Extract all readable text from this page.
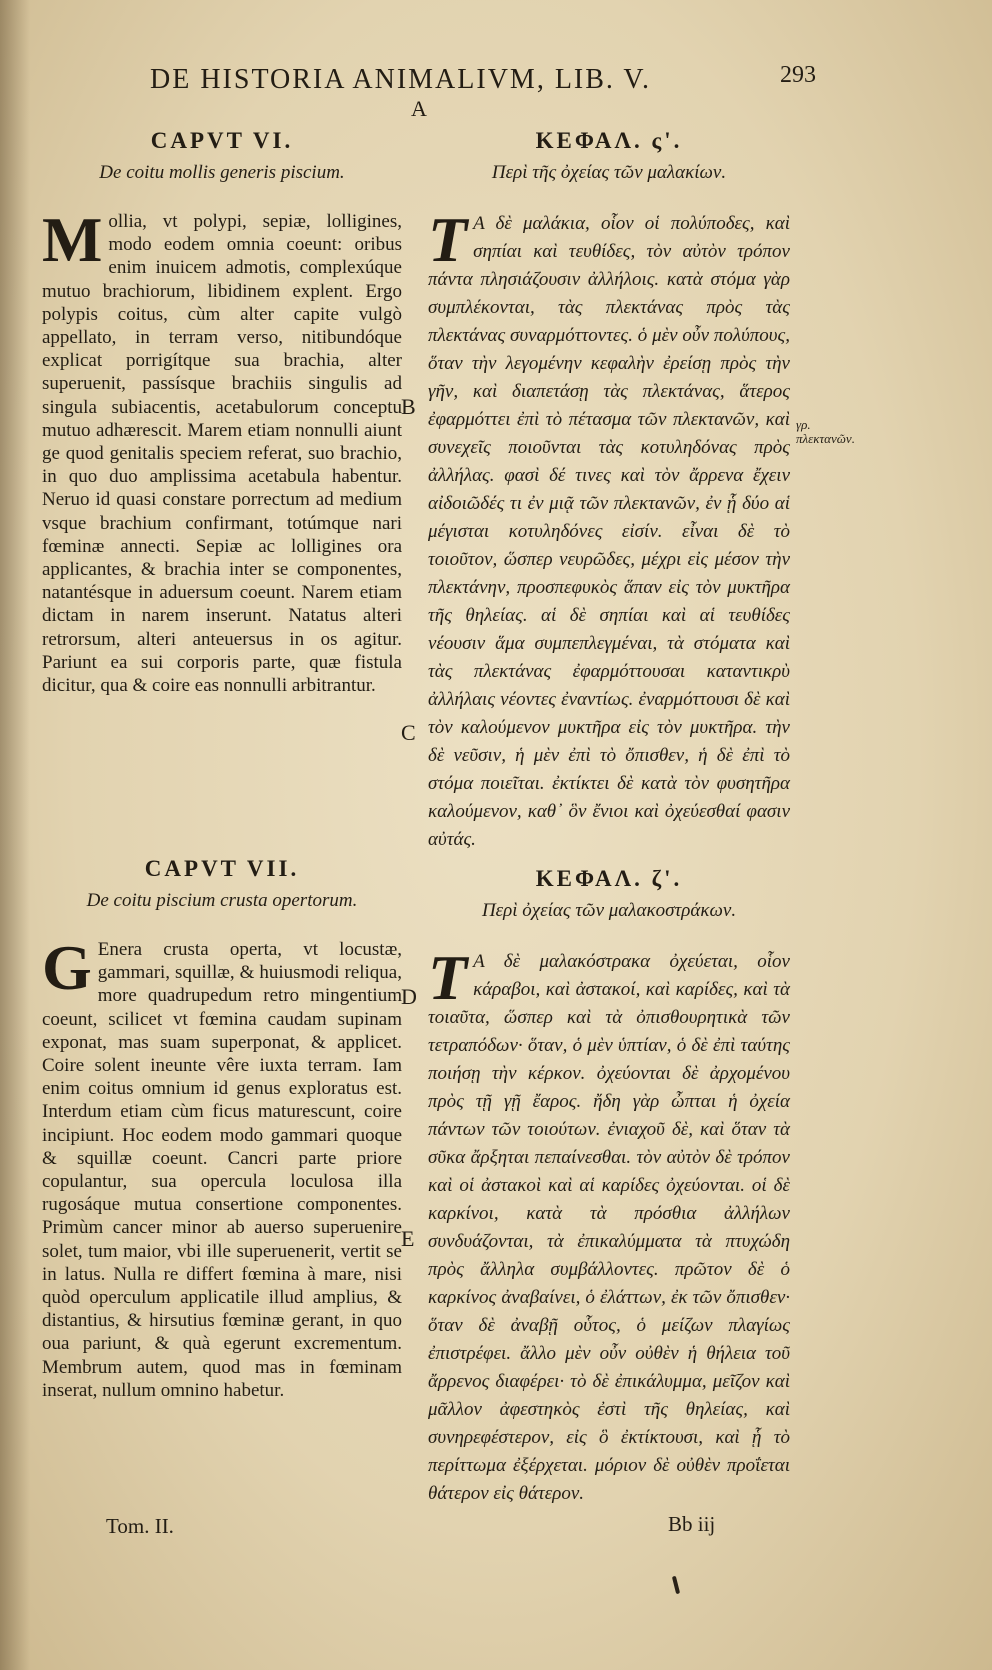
DE HISTORIA ANIMALIVM, LIB. V.	293
A
B
C
D
E
CAPVT VI.

De coitu mollis generis piscium.

Mollia, vt polypi, sepiæ, lolligines, modo eodem omnia coeunt: oribus enim inuicem admotis, complexúque mutuo brachiorum, libidinem explent. Ergo polypis coitus, cùm alter capite vulgò appellato, in terram verso, nitibundóque explicat porrigítque sua brachia, alter superuenit, passísque brachiis singulis ad singula subiacentis, acetabulorum conceptu mutuo adhærescit. Marem etiam nonnulli aiunt ge quod genitalis speciem referat, suo brachio, in quo duo amplissima acetabula habentur. Neruo id quasi constare porrectum ad medium vsque brachium confirmant, totúmque nari fœminæ annecti. Sepiæ ac lolligines ora applicantes, & brachia inter se componentes, natantésque in aduersum coeunt. Narem etiam dictam in narem inserunt. Natatus alteri retrorsum, alteri anteuersus in os agitur. Pariunt ea sui corporis parte, quæ fistula dicitur, qua & coire eas nonnulli arbitrantur.

CAPVT VII.

De coitu piscium crusta opertorum.

G Enera crusta operta, vt locustæ, gammari, squillæ, & huiusmodi reliqua, more quadrupedum retro mingentium coeunt, scilicet vt fœmina caudam supinam exponat, mas suam superponat, & applicet. Coire solent ineunte vêre iuxta terram. Iam enim coitus omnium id genus exploratus est. Interdum etiam cùm ficus maturescunt, coire incipiunt. Hoc eodem modo gammari quoque & squillæ coeunt. Cancri parte priore copulantur, sua opercula loculosa illa rugosáque mutua consertione componentes. Primùm cancer minor ab auerso superuenire solet, tum maior, vbi ille superuenerit, vertit se in latus. Nulla re differt fœmina à mare, nisi quòd operculum applicatile illud amplius, & distantius, & hirsutius fœminæ gerant, in quo oua pariunt, & quà egerunt excrementum. Membrum autem, quod mas in fœminam inserat, nullum omnino habetur.

ΚΕΦΑΛ. ς'.

Περὶ τῆς ὀχείας τῶν μαλακίων.

Τ Α δὲ μαλάκια, οἷον οἱ πολύποδες, καὶ σηπίαι καὶ τευθίδες, τὸν αὐτὸν τρόπον πάντα πλησιάζουσιν ἀλλήλοις. κατὰ στόμα γὰρ συμπλέκονται, τὰς πλεκτάνας πρὸς τὰς πλεκτάνας συναρμόττοντες. ὁ μὲν οὖν πολύπους, ὅταν τὴν λεγομένην κεφαλὴν ἐρείσῃ πρὸς τὴν γῆν, καὶ διαπετάσῃ τὰς πλεκτάνας, ἅτερος ἐφαρμόττει ἐπὶ τὸ πέτασμα τῶν πλεκτανῶν, καὶ συνεχεῖς ποιοῦνται τὰς κοτυληδόνας πρὸς ἀλλήλας. φασὶ δέ τινες καὶ τὸν ἄρρενα ἔχειν αἰδοιῶδές τι ἐν μιᾷ τῶν πλεκτανῶν, ἐν ᾗ δύο αἱ μέγισται κοτυληδόνες εἰσίν. εἶναι δὲ τὸ τοιοῦτον, ὥσπερ νευρῶδες, μέχρι εἰς μέσον τὴν πλεκτάνην, προσπεφυκὸς ἅπαν εἰς τὸν μυκτῆρα τῆς θηλείας. αἱ δὲ σηπίαι καὶ αἱ τευθίδες νέουσιν ἅμα συμπεπλεγμέναι, τὰ στόματα καὶ τὰς πλεκτάνας ἐφαρμόττουσαι καταντικρὺ ἀλλήλαις νέοντες ἐναντίως. ἐναρμόττουσι δὲ καὶ τὸν καλούμενον μυκτῆρα εἰς τὸν μυκτῆρα. τὴν δὲ νεῦσιν, ἡ μὲν ἐπὶ τὸ ὄπισθεν, ἡ δὲ ἐπὶ τὸ στόμα ποιεῖται. ἐκτίκτει δὲ κατὰ τὸν φυσητῆρα καλούμενον, καθ᾽ ὃν ἔνιοι καὶ ὀχεύεσθαί φασιν αὐτάς.

γρ. πλεκτανῶν.
ΚΕΦΑΛ. ζ'.

Περὶ ὀχείας τῶν μαλακοστράκων.

Τ Α δὲ μαλακόστρακα ὀχεύεται, οἷον κάραβοι, καὶ ἀστακοί, καὶ καρίδες, καὶ τὰ τοιαῦτα, ὥσπερ καὶ τὰ ὀπισθουρητικὰ τῶν τετραπόδων· ὅταν, ὁ μὲν ὑπτίαν, ὁ δὲ ἐπὶ ταύτης ποιήσῃ τὴν κέρκον. ὀχεύονται δὲ ἀρχομένου πρὸς τῇ γῇ ἔαρος. ἤδη γὰρ ὦπται ἡ ὀχεία πάντων τῶν τοιούτων. ἐνιαχοῦ δὲ, καὶ ὅταν τὰ σῦκα ἄρξηται πεπαίνεσθαι. τὸν αὐτὸν δὲ τρόπον καὶ οἱ ἀστακοὶ καὶ αἱ καρίδες ὀχεύονται. οἱ δὲ καρκίνοι, κατὰ τὰ πρόσθια ἀλλήλων συνδυάζονται, τὰ ἐπικαλύμματα τὰ πτυχώδη πρὸς ἄλληλα συμβάλλοντες. πρῶτον δὲ ὁ καρκίνος ἀναβαίνει, ὁ ἐλάττων, ἐκ τῶν ὄπισθεν· ὅταν δὲ ἀναβῇ οὗτος, ὁ μείζων πλαγίως ἐπιστρέφει. ἄλλο μὲν οὖν οὐθὲν ἡ θήλεια τοῦ ἄρρενος διαφέρει· τὸ δὲ ἐπικάλυμμα, μεῖζον καὶ μᾶλλον ἀφεστηκὸς ἐστὶ τῆς θηλείας, καὶ συνηρεφέστερον, εἰς ὃ ἐκτίκτουσι, καὶ ᾗ τὸ περίττωμα ἐξέρχεται. μόριον δὲ οὐθὲν προΐεται θάτερον εἰς θάτερον.

Tom. II.	Bb iij
